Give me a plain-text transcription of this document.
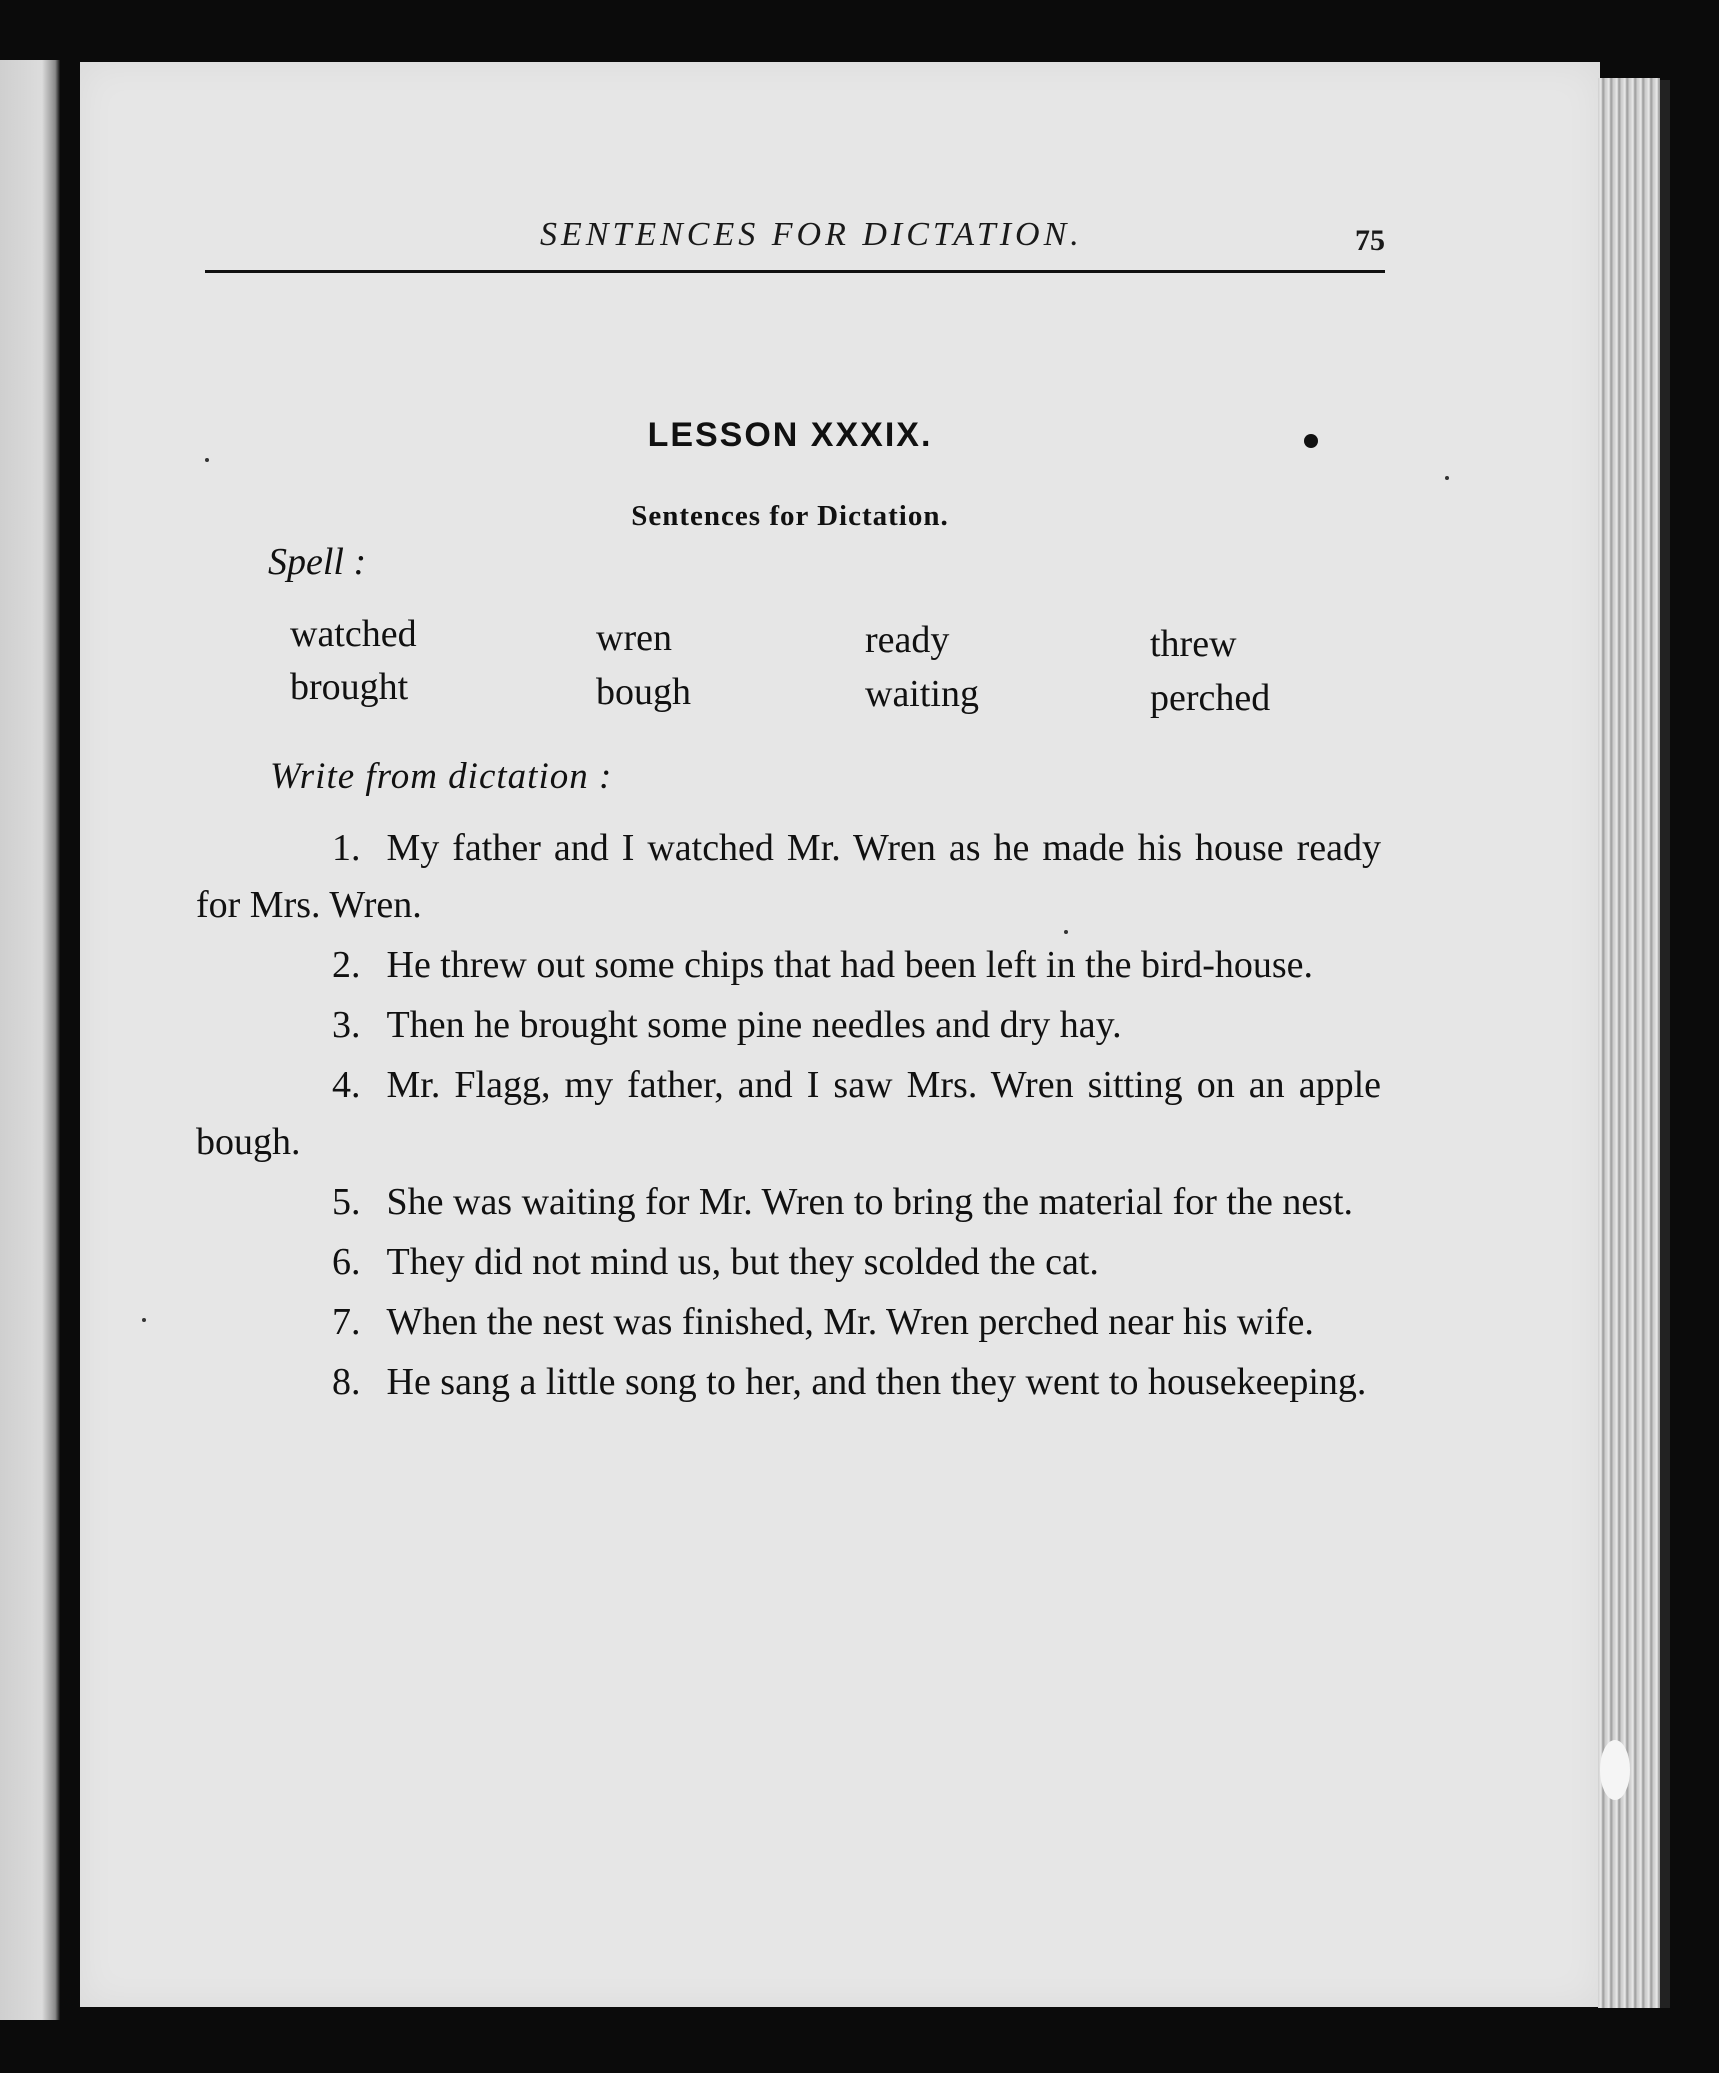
SENTENCES FOR DICTATION.	75
LESSON XXXIX.
Sentences for Dictation.
Spell :
watched
brought
wren
bough
ready
waiting
threw
perched
Write from dictation :
1. My father and I watched Mr. Wren as he made his house ready for Mrs. Wren.
2. He threw out some chips that had been left in the bird-house.
3. Then he brought some pine needles and dry hay.
4. Mr. Flagg, my father, and I saw Mrs. Wren sitting on an apple bough.
5. She was waiting for Mr. Wren to bring the material for the nest.
6. They did not mind us, but they scolded the cat.
7. When the nest was finished, Mr. Wren perched near his wife.
8. He sang a little song to her, and then they went to housekeeping.
